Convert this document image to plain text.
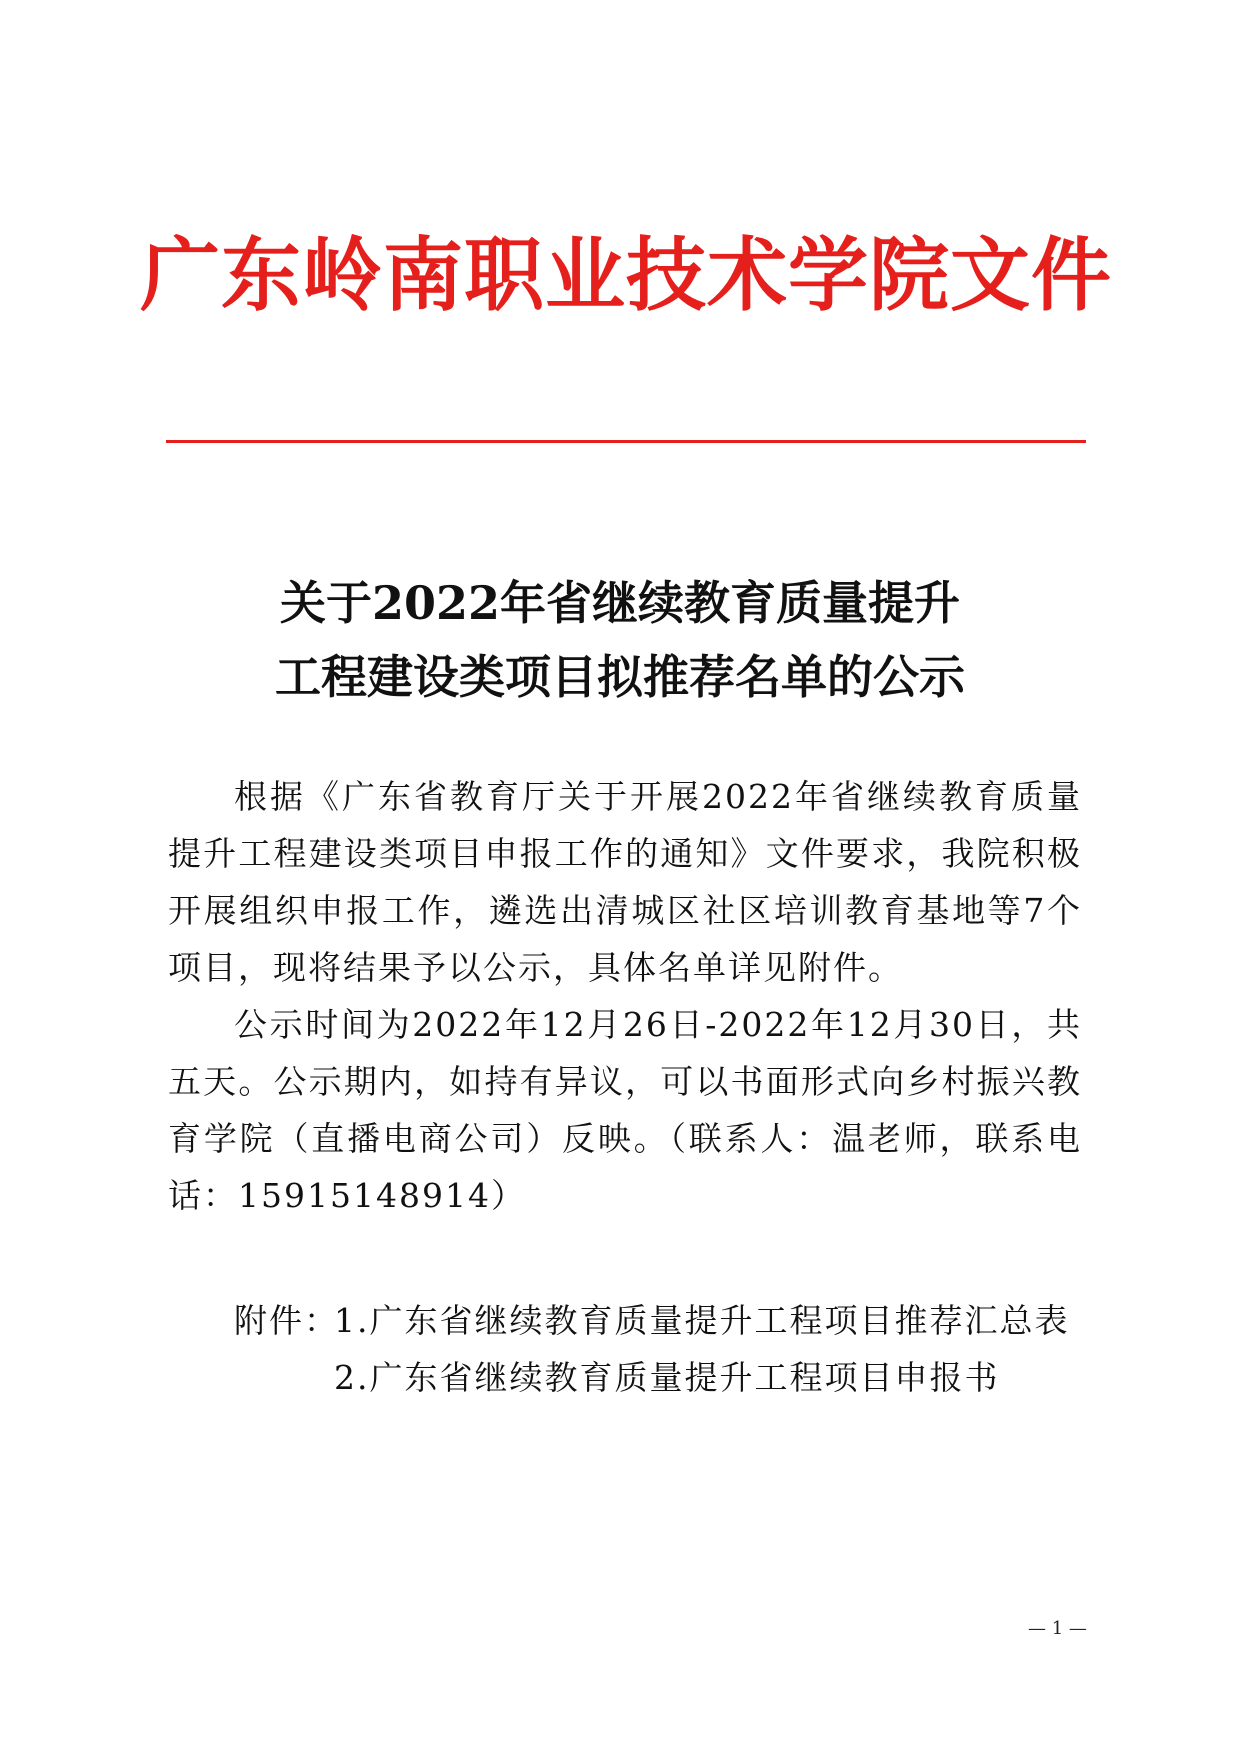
广东岭南职业技术学院文件
关于2022年省继续教育质量提升
工程建设类项目拟推荐名单的公示

根据《广东省教育厅关于开展2022年省继续教育质量提升工程建设类项目申报工作的通知》文件要求，我院积极开展组织申报工作，遴选出清城区社区培训教育基地等7个项目，现将结果予以公示，具体名单详见附件。

公示时间为2022年12月26日-2022年12月30日，共五天。公示期内，如持有异议，可以书面形式向乡村振兴教育学院（直播电商公司）反映。（联系人：温老师，联系电话：15915148914）

附件：
1.广东省继续教育质量提升工程项目推荐汇总表
2.广东省继续教育质量提升工程项目申报书
— 1 —
